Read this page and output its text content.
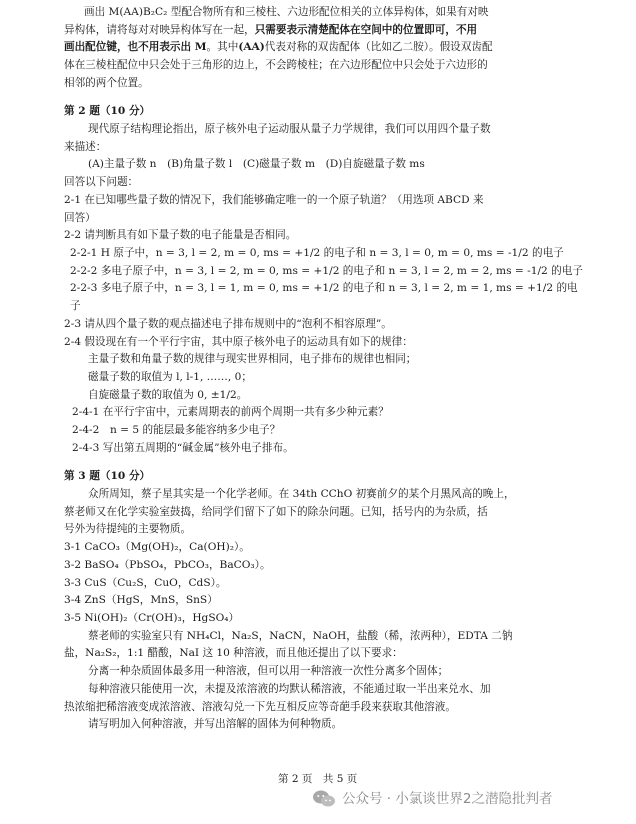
画出 M(AA)B₂C₂ 型配合物所有和三棱柱、六边形配位相关的立体异构体，如果有对映
异构体，请将每对对映异构体写在一起，只需要表示清楚配体在空间中的位置即可，不用
画出配位键，也不用表示出 M。其中(AA)代表对称的双齿配体（比如乙二胺）。假设双齿配
体在三棱柱配位中只会处于三角形的边上，不会跨棱柱；在六边形配位中只会处于六边形的
相邻的两个位置。
第 2 题（10 分）
现代原子结构理论指出，原子核外电子运动服从量子力学规律，我们可以用四个量子数
来描述：
(A)主量子数 n　(B)角量子数 l　(C)磁量子数 m　(D)自旋磁量子数 ms
回答以下问题：
2-1 在已知哪些量子数的情况下，我们能够确定唯一的一个原子轨道？（用选项 ABCD 来
回答）
2-2 请判断具有如下量子数的电子能量是否相同。
2-2-1 H 原子中，n = 3, l = 2, m = 0, ms = +1/2 的电子和 n = 3, l = 0, m = 0, ms = -1/2 的电子
2-2-2 多电子原子中，n = 3, l = 2, m = 0, ms = +1/2 的电子和 n = 3, l = 2, m = 2, ms = -1/2 的电子
2-2-3 多电子原子中，n = 3, l = 1, m = 0, ms = +1/2 的电子和 n = 3, l = 2, m = 1, ms = +1/2 的电
子
2-3 请从四个量子数的观点描述电子排布规则中的“泡利不相容原理”。
2-4 假设现在有一个平行宇宙，其中原子核外电子的运动具有如下的规律：
主量子数和角量子数的规律与现实世界相同，电子排布的规律也相同；
磁量子数的取值为 l, l-1, ……, 0；
自旋磁量子数的取值为 0, ±1/2。
2-4-1 在平行宇宙中，元素周期表的前两个周期一共有多少种元素？
2-4-2　n = 5 的能层最多能容纳多少电子？
2-4-3 写出第五周期的“碱金属”核外电子排布。
第 3 题（10 分）
众所周知，蔡子星其实是一个化学老师。在 34th CChO 初赛前夕的某个月黑风高的晚上，
蔡老师又在化学实验室鼓捣，给同学们留下了如下的除杂问题。已知，括号内的为杂质，括
号外为待提纯的主要物质。
3-1 CaCO₃（Mg(OH)₂，Ca(OH)₂）。
3-2 BaSO₄（PbSO₄，PbCO₃，BaCO₃）。
3-3 CuS（Cu₂S，CuO，CdS）。
3-4 ZnS（HgS，MnS，SnS）
3-5 Ni(OH)₂（Cr(OH)₃，HgSO₄）
蔡老师的实验室只有 NH₄Cl，Na₂S，NaCN，NaOH，盐酸（稀，浓两种），EDTA 二钠
盐，Na₂S₂，1:1 醋酸，NaI 这 10 种溶液，而且他还提出了以下要求：
分离一种杂质固体最多用一种溶液，但可以用一种溶液一次性分离多个固体；
每种溶液只能使用一次，未提及浓溶液的均默认稀溶液，不能通过取一半出来兑水、加
热浓缩把稀溶液变成浓溶液、溶液勾兑一下先互相反应等奇葩手段来获取其他溶液。
请写明加入何种溶液，并写出溶解的固体为何种物质。
第 2 页　共 5 页
公众号 · 小氯谈世界2之潜隐批判者
